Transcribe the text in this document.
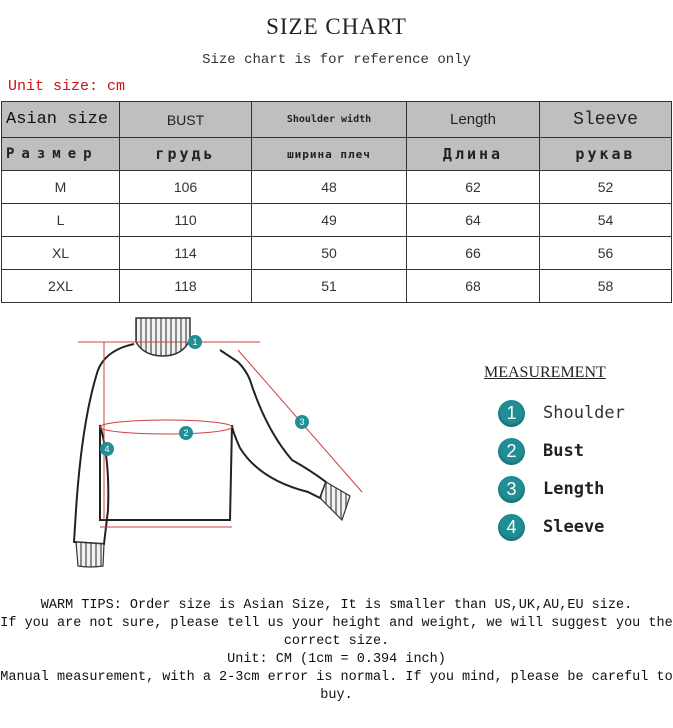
SIZE CHART
Size chart is for reference only
Unit size: cm
Asian size	BUST	Shoulder width	Length	Sleeve
Размер	грудь	ширина плеч	Длина	рукав
M	106	48	62	52
L	110	49	64	54
XL	114	50	66	56
2XL	118	51	68	58
1
2
3
4
MEASUREMENT
1	Shoulder
2	Bust
3	Length
4	Sleeve

WARM TIPS: Order size is Asian Size, It is smaller than US,UK,AU,EU size.

If you are not sure, please tell us your height and weight, we will suggest you the correct size.

Unit: CM (1cm = 0.394 inch)

Manual measurement, with a 2-3cm error is normal. If you mind, please be careful to buy.
